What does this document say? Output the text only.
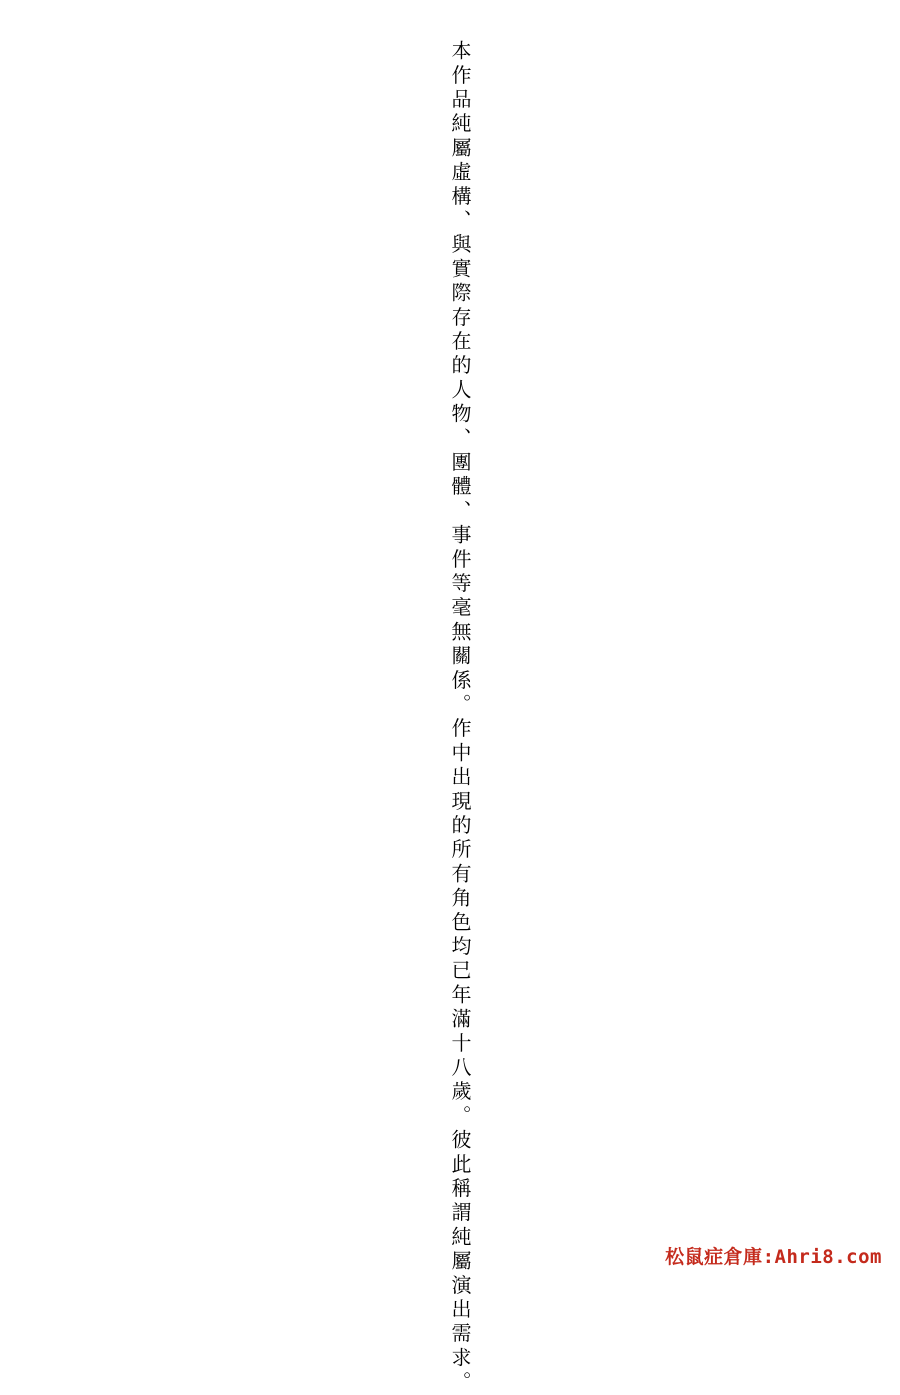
本作品純屬虛構、與實際存在的人物、團體、事件等毫無關係。作中出現的所有角色均已年滿十八歲。彼此稱謂純屬演出需求。	松鼠症倉庫:Ahri8.com
